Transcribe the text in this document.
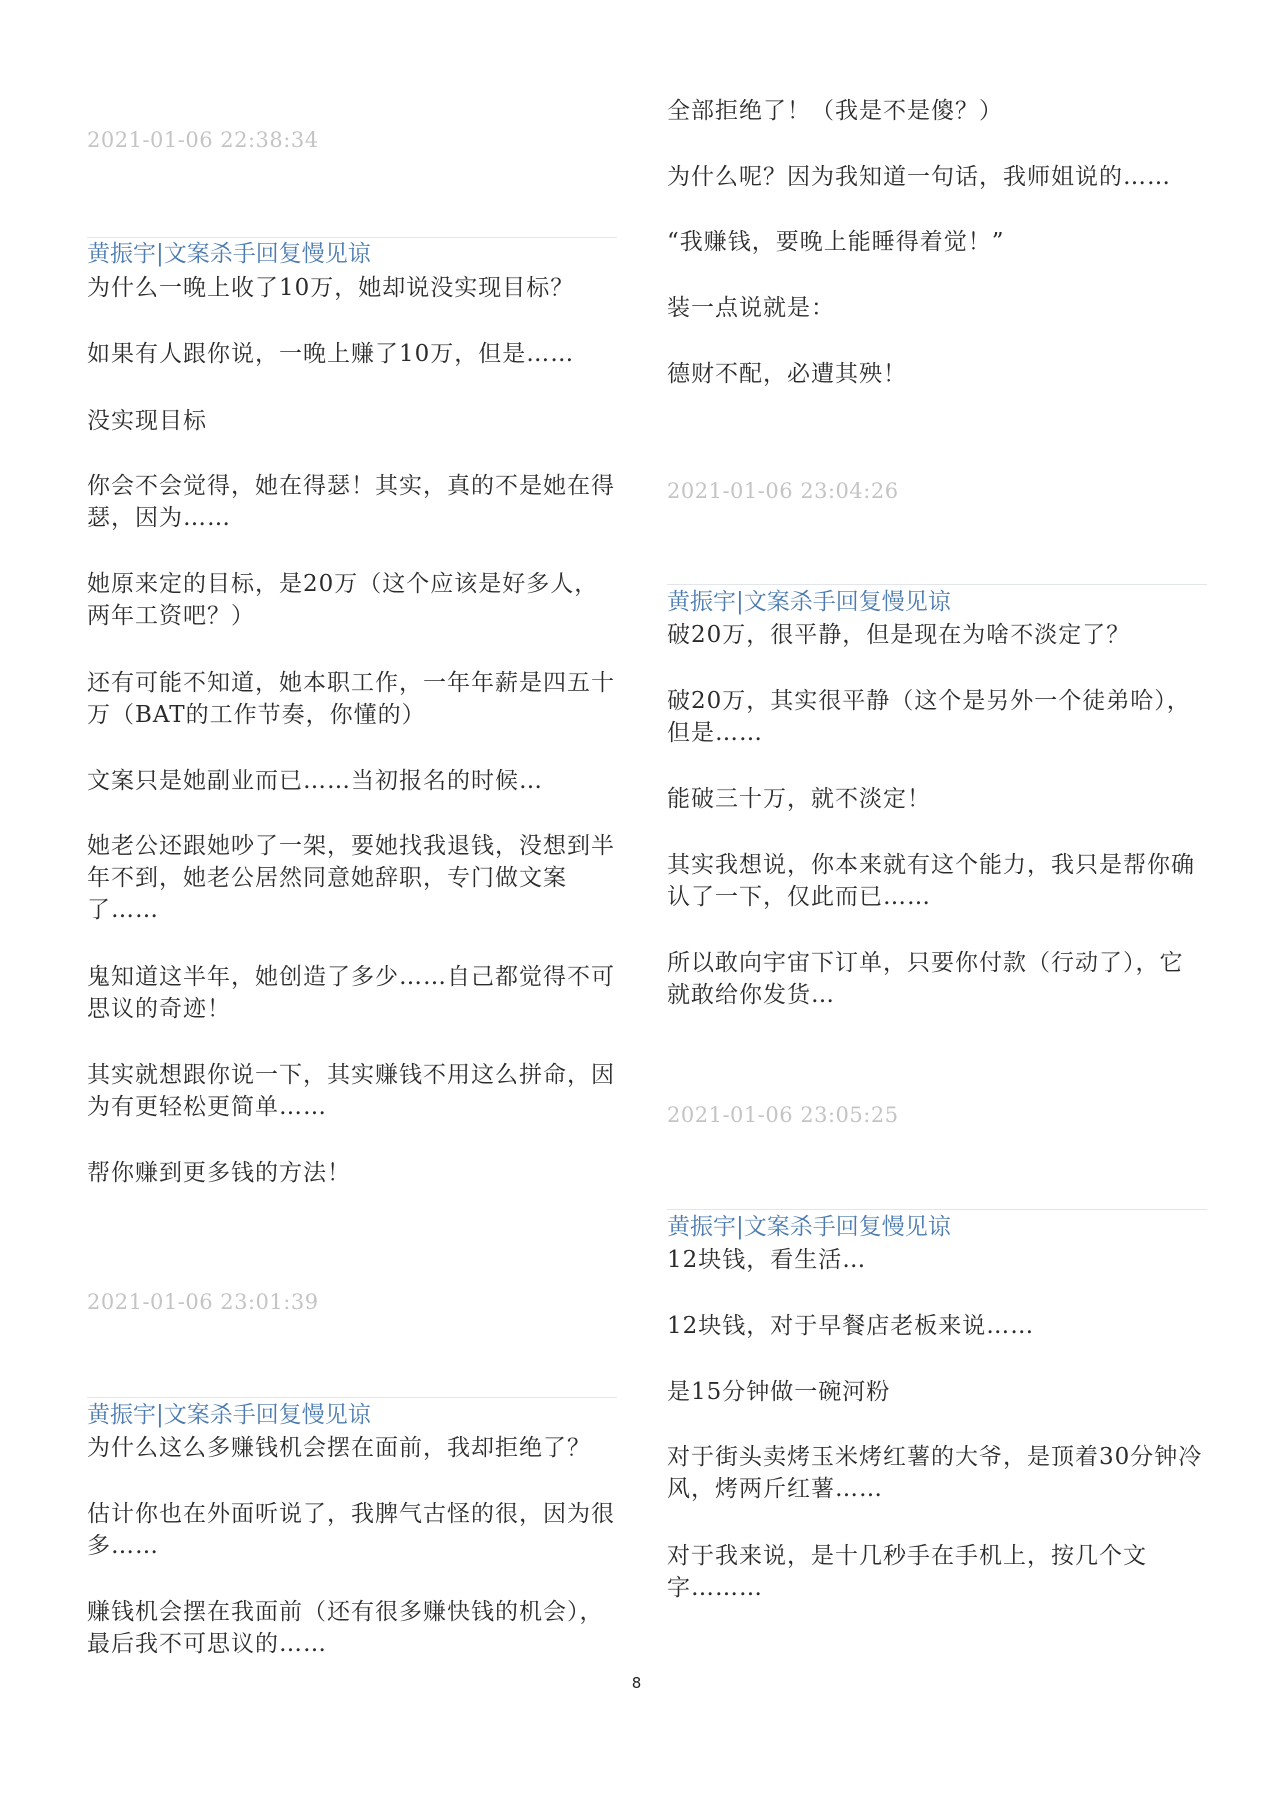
2021-01-06 22:38:34
黄振宇|文案杀手回复慢见谅

为什么一晚上收了10万，她却说没实现目标？

如果有人跟你说，一晚上赚了10万，但是……

没实现目标

你会不会觉得，她在得瑟！其实，真的不是她在得瑟，因为……

她原来定的目标，是20万（这个应该是好多人，两年工资吧？）

还有可能不知道，她本职工作，一年年薪是四五十万（BAT的工作节奏，你懂的）

文案只是她副业而已……当初报名的时候…

她老公还跟她吵了一架，要她找我退钱，没想到半年不到，她老公居然同意她辞职，专门做文案了……

鬼知道这半年，她创造了多少……自己都觉得不可思议的奇迹！

其实就想跟你说一下，其实赚钱不用这么拼命，因为有更轻松更简单……

帮你赚到更多钱的方法！

2021-01-06 23:01:39
黄振宇|文案杀手回复慢见谅

为什么这么多赚钱机会摆在面前，我却拒绝了？

估计你也在外面听说了，我脾气古怪的很，因为很多……

赚钱机会摆在我面前（还有很多赚快钱的机会），最后我不可思议的……

全部拒绝了！（我是不是傻？）

为什么呢？因为我知道一句话，我师姐说的……

“我赚钱，要晚上能睡得着觉！”

装一点说就是：

德财不配，必遭其殃！

2021-01-06 23:04:26
黄振宇|文案杀手回复慢见谅

破20万，很平静，但是现在为啥不淡定了？

破20万，其实很平静（这个是另外一个徒弟哈），但是……

能破三十万，就不淡定！

其实我想说，你本来就有这个能力，我只是帮你确认了一下，仅此而已……

所以敢向宇宙下订单，只要你付款（行动了），它就敢给你发货…

2021-01-06 23:05:25
黄振宇|文案杀手回复慢见谅

12块钱，看生活…

12块钱，对于早餐店老板来说……

是15分钟做一碗河粉

对于街头卖烤玉米烤红薯的大爷，是顶着30分钟冷风，烤两斤红薯……

对于我来说，是十几秒手在手机上，按几个文字………

8
